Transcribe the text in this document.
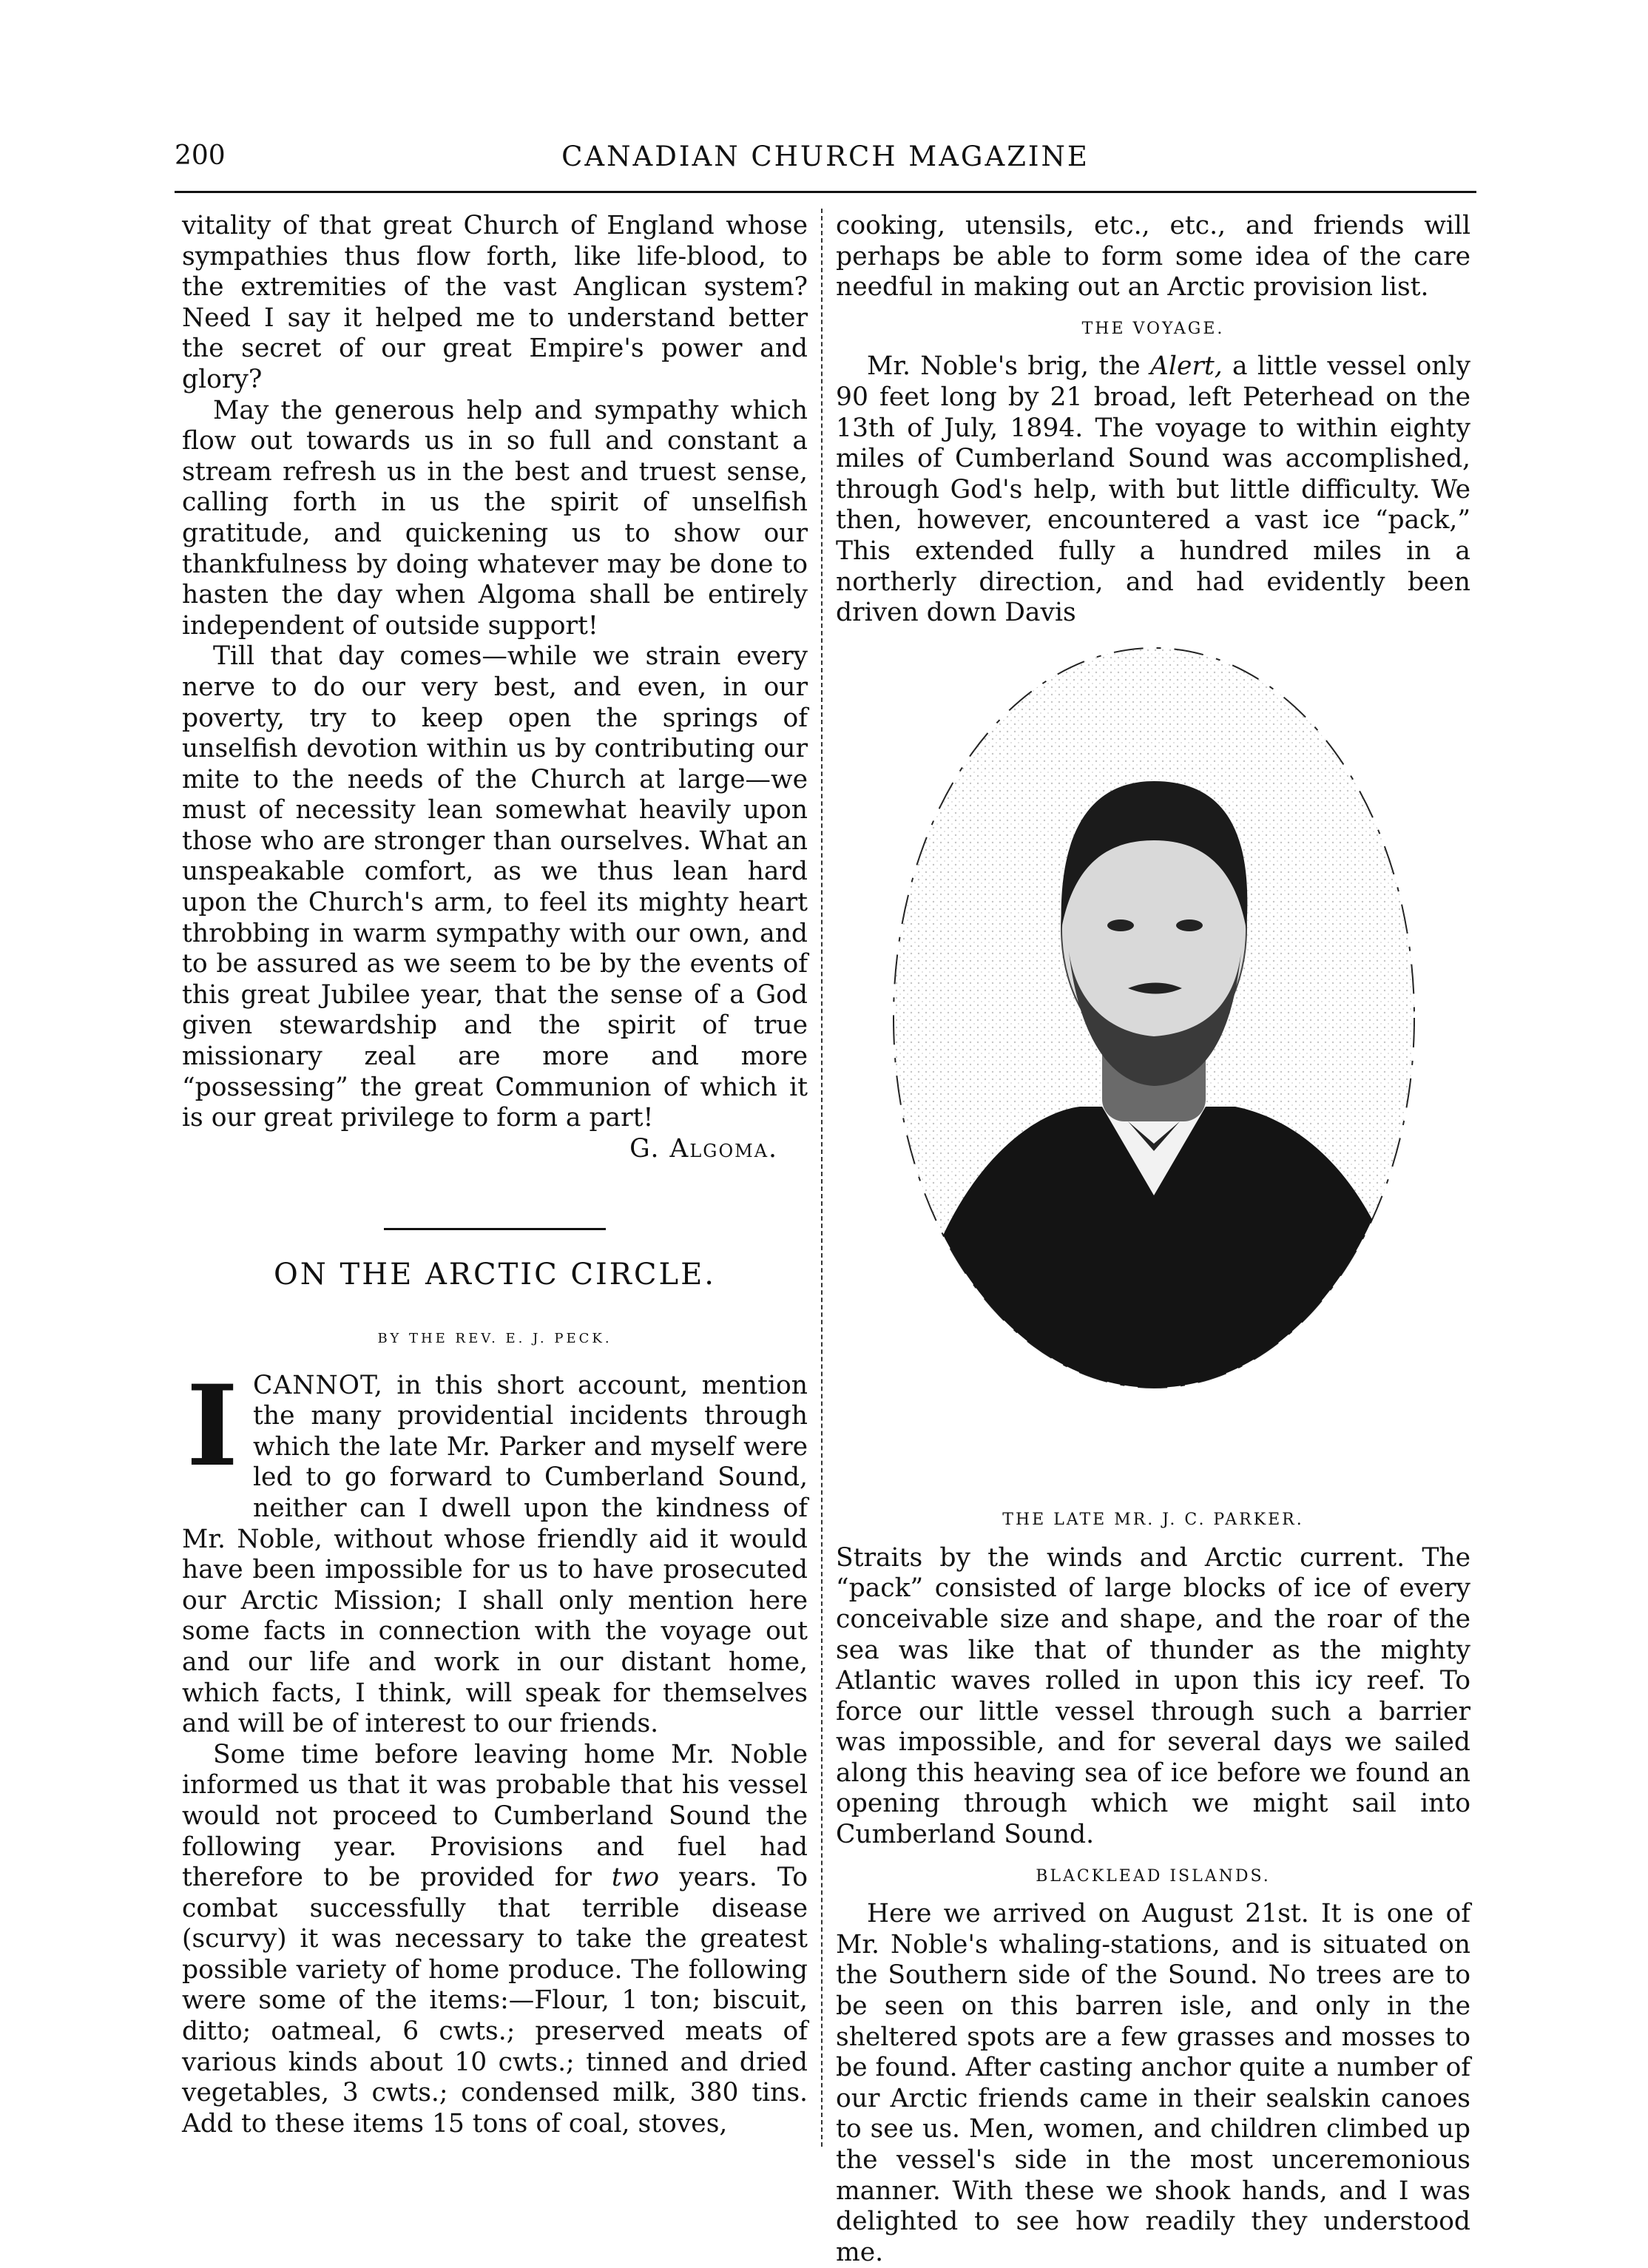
200	CANADIAN CHURCH MAGAZINE

vitality of that great Church of England whose sympathies thus flow forth, like life-blood, to the extremities of the vast Anglican system? Need I say it helped me to understand better the secret of our great Empire's power and glory?

May the generous help and sympathy which flow out towards us in so full and constant a stream refresh us in the best and truest sense, calling forth in us the spirit of unselfish gratitude, and quickening us to show our thankfulness by doing whatever may be done to hasten the day when Algoma shall be entirely independent of outside support!

Till that day comes—while we strain every nerve to do our very best, and even, in our poverty, try to keep open the springs of unselfish devotion within us by contributing our mite to the needs of the Church at large—we must of necessity lean somewhat heavily upon those who are stronger than ourselves. What an unspeakable comfort, as we thus lean hard upon the Church's arm, to feel its mighty heart throbbing in warm sympathy with our own, and to be assured as we seem to be by the events of this great Jubilee year, that the sense of a God given stewardship and the spirit of true missionary zeal are more and more “possessing” the great Communion of which it is our great privilege to form a part!

G. Algoma.

ON THE ARCTIC CIRCLE.

BY THE REV. E. J. PECK.

I CANNOT, in this short account, mention the many providential incidents through which the late Mr. Parker and myself were led to go forward to Cumberland Sound, neither can I dwell upon the kindness of Mr. Noble, without whose friendly aid it would have been impossible for us to have prosecuted our Arctic Mission; I shall only mention here some facts in connection with the voyage out and our life and work in our distant home, which facts, I think, will speak for themselves and will be of interest to our friends.

Some time before leaving home Mr. Noble informed us that it was probable that his vessel would not proceed to Cumberland Sound the following year. Provisions and fuel had therefore to be provided for two years. To combat successfully that terrible disease (scurvy) it was necessary to take the greatest possible variety of home produce. The following were some of the items:—Flour, 1 ton; biscuit, ditto; oatmeal, 6 cwts.; preserved meats of various kinds about 10 cwts.; tinned and dried vegetables, 3 cwts.; condensed milk, 380 tins. Add to these items 15 tons of coal, stoves,

cooking, utensils, etc., etc., and friends will perhaps be able to form some idea of the care needful in making out an Arctic provision list.

THE VOYAGE.

Mr. Noble's brig, the Alert, a little vessel only 90 feet long by 21 broad, left Peterhead on the 13th of July, 1894. The voyage to within eighty miles of Cumberland Sound was accomplished, through God's help, with but little difficulty. We then, however, encountered a vast ice “pack,” This extended fully a hundred miles in a northerly direction, and had evidently been driven down Davis

THE LATE MR. J. C. PARKER.

Straits by the winds and Arctic current. The “pack” consisted of large blocks of ice of every conceivable size and shape, and the roar of the sea was like that of thunder as the mighty Atlantic waves rolled in upon this icy reef. To force our little vessel through such a barrier was impossible, and for several days we sailed along this heaving sea of ice before we found an opening through which we might sail into Cumberland Sound.

BLACKLEAD ISLANDS.

Here we arrived on August 21st. It is one of Mr. Noble's whaling-stations, and is situated on the Southern side of the Sound. No trees are to be seen on this barren isle, and only in the sheltered spots are a few grasses and mosses to be found. After casting anchor quite a number of our Arctic friends came in their sealskin canoes to see us. Men, women, and children climbed up the vessel's side in the most unceremonious manner. With these we shook hands, and I was delighted to see how readily they understood me.
